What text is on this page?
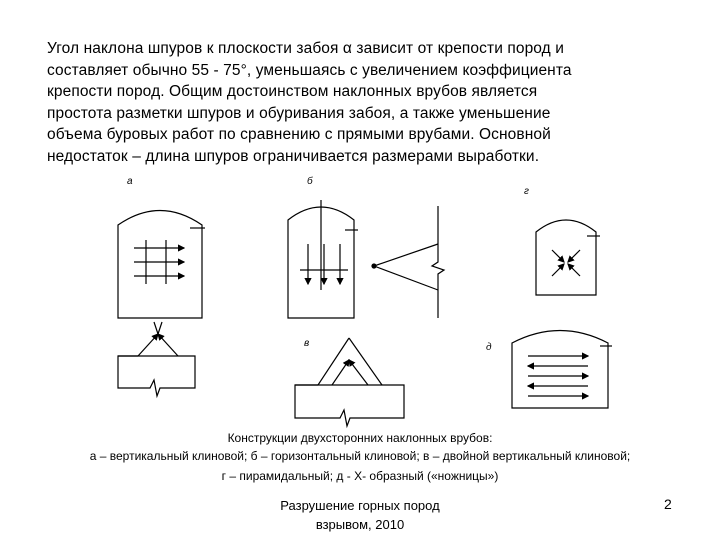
Угол наклона шпуров к плоскости забоя α зависит от крепости пород и
составляет обычно 55 - 75°, уменьшаясь с увеличением коэффициента
крепости пород. Общим достоинством наклонных врубов является
простота разметки шпуров и обуривания забоя, а также уменьшение
объема буровых работ по сравнению с прямыми врубами. Основной
недостаток – длина шпуров ограничивается размерами выработки.
а	б
г
в	д
Конструкции двухсторонних наклонных врубов:
а – вертикальный клиновой; б – горизонтальный клиновой; в – двойной вертикальный клиновой;
г – пирамидальный; д - Х- образный («ножницы»)
Разрушение горных пород
взрывом, 2010
2
